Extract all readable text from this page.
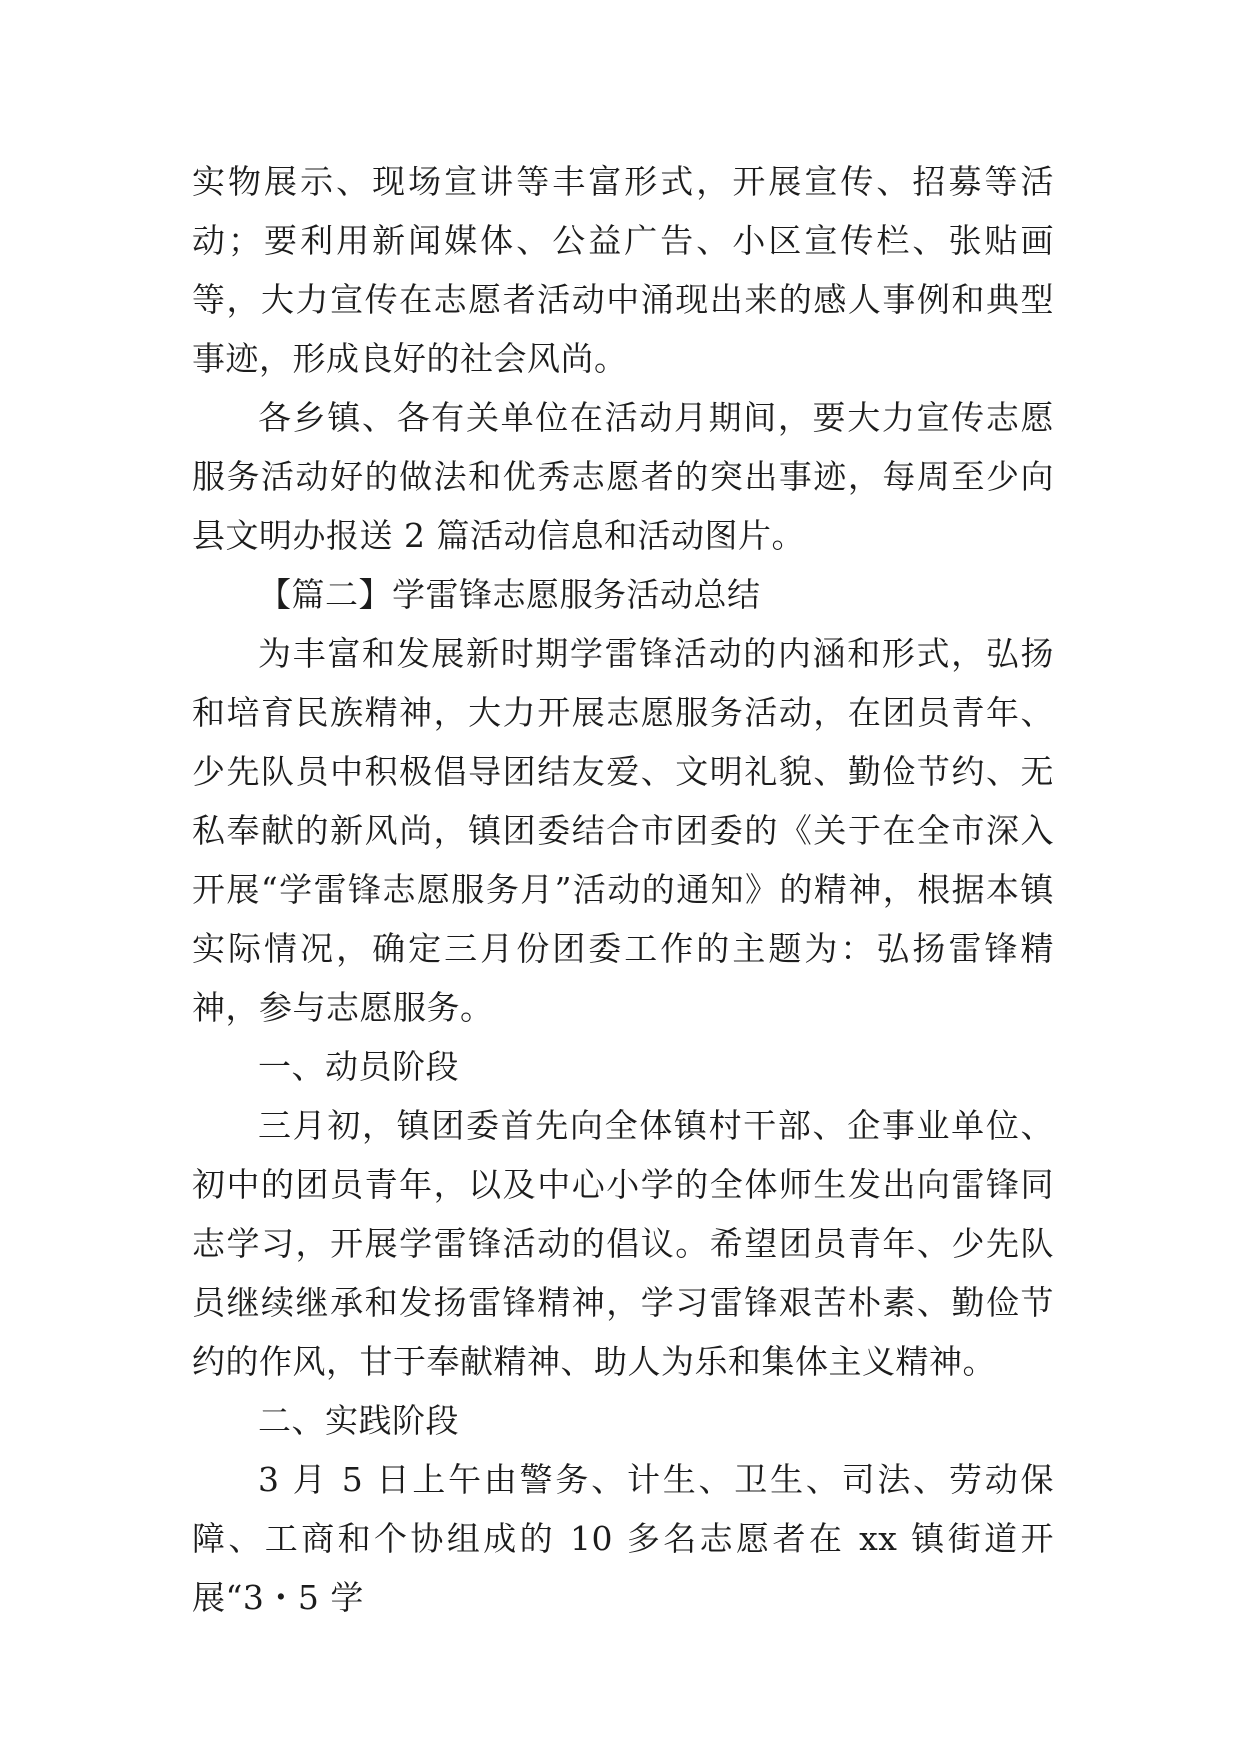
实物展示、现场宣讲等丰富形式，开展宣传、招募等活动；要利用新闻媒体、公益广告、小区宣传栏、张贴画等，大力宣传在志愿者活动中涌现出来的感人事例和典型事迹，形成良好的社会风尚。

各乡镇、各有关单位在活动月期间，要大力宣传志愿服务活动好的做法和优秀志愿者的突出事迹，每周至少向县文明办报送 2 篇活动信息和活动图片。

【篇二】学雷锋志愿服务活动总结

为丰富和发展新时期学雷锋活动的内涵和形式，弘扬和培育民族精神，大力开展志愿服务活动，在团员青年、少先队员中积极倡导团结友爱、文明礼貌、勤俭节约、无私奉献的新风尚，镇团委结合市团委的《关于在全市深入开展“学雷锋志愿服务月”活动的通知》的精神，根据本镇实际情况，确定三月份团委工作的主题为：弘扬雷锋精神，参与志愿服务。

一、动员阶段

三月初，镇团委首先向全体镇村干部、企事业单位、初中的团员青年，以及中心小学的全体师生发出向雷锋同志学习，开展学雷锋活动的倡议。希望团员青年、少先队员继续继承和发扬雷锋精神，学习雷锋艰苦朴素、勤俭节约的作风，甘于奉献精神、助人为乐和集体主义精神。

二、实践阶段

3 月 5 日上午由警务、计生、卫生、司法、劳动保障、工商和个协组成的 10 多名志愿者在 xx 镇街道开展“3・5 学
